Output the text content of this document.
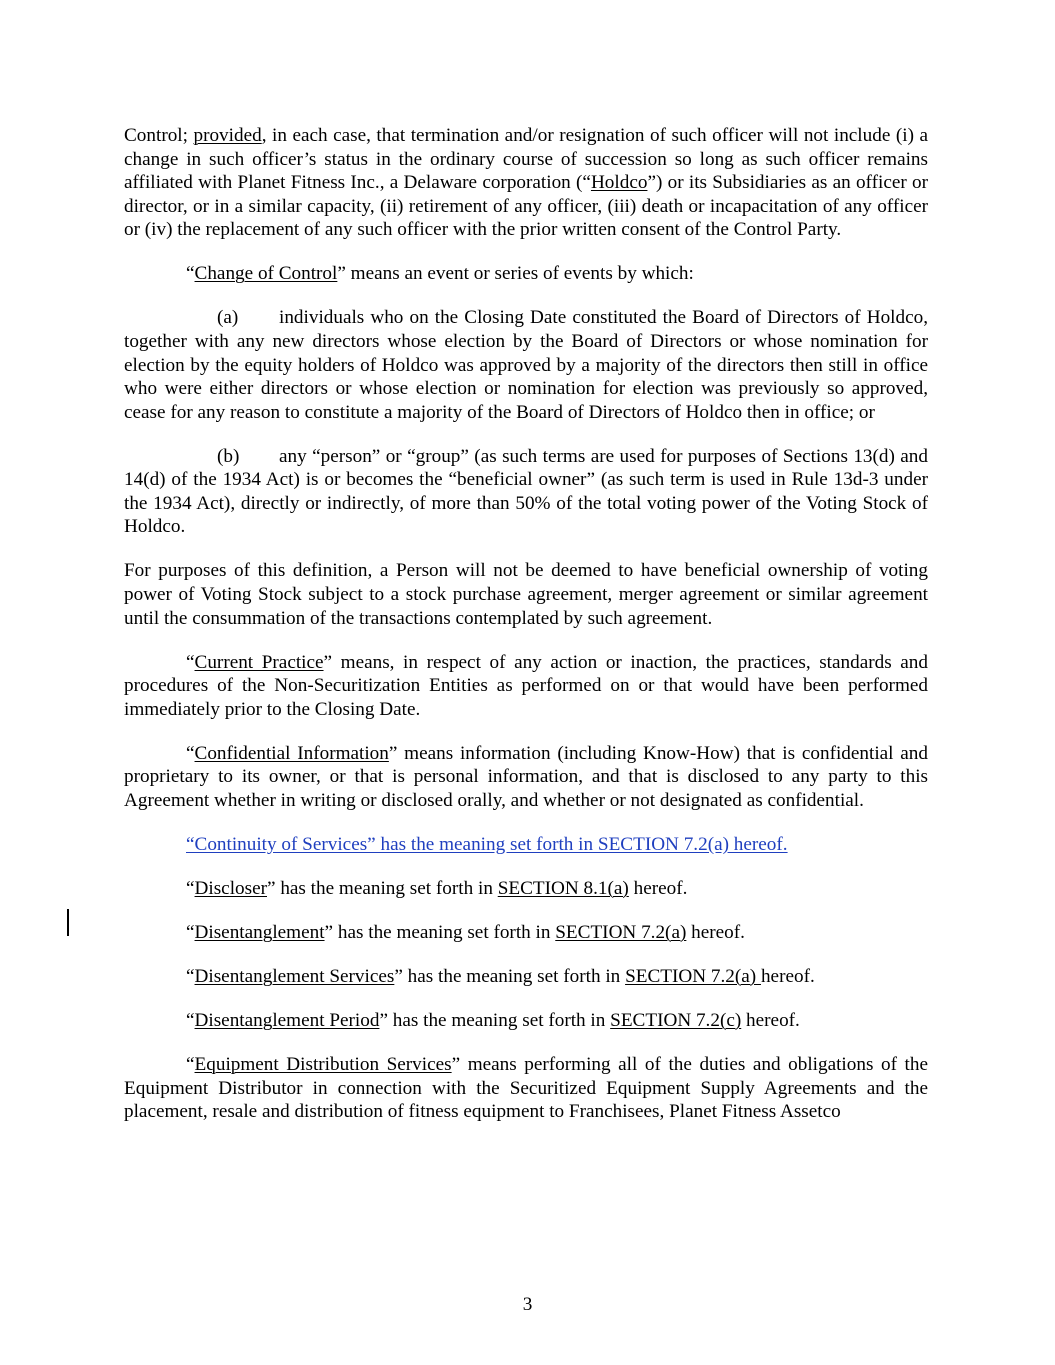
Control; provided, in each case, that termination and/or resignation of such officer will not include (i) a change in such officer’s status in the ordinary course of succession so long as such officer remains affiliated with Planet Fitness Inc., a Delaware corporation (“Holdco”) or its Subsidiaries as an officer or director, or in a similar capacity, (ii) retirement of any officer, (iii) death or incapacitation of any officer or (iv) the replacement of any such officer with the prior written consent of the Control Party.

“Change of Control” means an event or series of events by which:

(a) individuals who on the Closing Date constituted the Board of Directors of Holdco, together with any new directors whose election by the Board of Directors or whose nomination for election by the equity holders of Holdco was approved by a majority of the directors then still in office who were either directors or whose election or nomination for election was previously so approved, cease for any reason to constitute a majority of the Board of Directors of Holdco then in office; or

(b) any “person” or “group” (as such terms are used for purposes of Sections 13(d) and 14(d) of the 1934 Act) is or becomes the “beneficial owner” (as such term is used in Rule 13d-3 under the 1934 Act), directly or indirectly, of more than 50% of the total voting power of the Voting Stock of Holdco.

For purposes of this definition, a Person will not be deemed to have beneficial ownership of voting power of Voting Stock subject to a stock purchase agreement, merger agreement or similar agreement until the consummation of the transactions contemplated by such agreement.

“Current Practice” means, in respect of any action or inaction, the practices, standards and procedures of the Non-Securitization Entities as performed on or that would have been performed immediately prior to the Closing Date.

“Confidential Information” means information (including Know-How) that is confidential and proprietary to its owner, or that is personal information, and that is disclosed to any party to this Agreement whether in writing or disclosed orally, and whether or not designated as confidential.

“Continuity of Services” has the meaning set forth in SECTION 7.2(a) hereof.

“Discloser” has the meaning set forth in SECTION 8.1(a) hereof.

“Disentanglement” has the meaning set forth in SECTION 7.2(a) hereof.

“Disentanglement Services” has the meaning set forth in SECTION 7.2(a) hereof.

“Disentanglement Period” has the meaning set forth in SECTION 7.2(c) hereof.

“Equipment Distribution Services” means performing all of the duties and obligations of the Equipment Distributor in connection with the Securitized Equipment Supply Agreements and the placement, resale and distribution of fitness equipment to Franchisees, Planet Fitness Assetco

3
